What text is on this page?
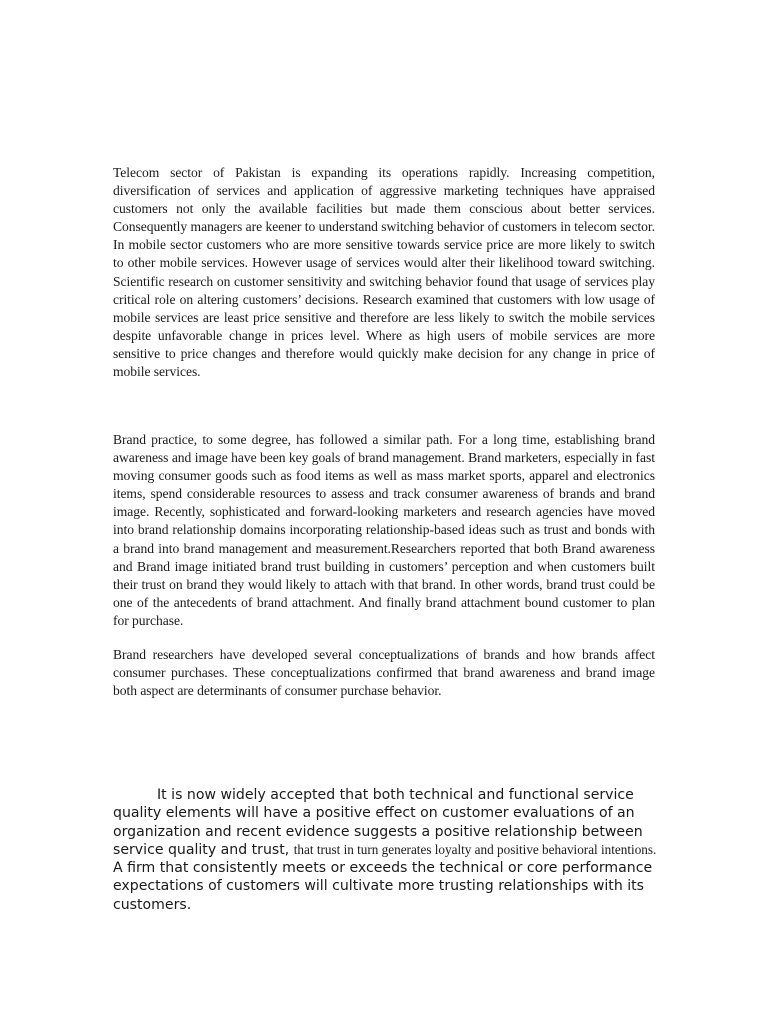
Telecom sector of Pakistan is expanding its operations rapidly. Increasing competition, diversification of services and application of aggressive marketing techniques have appraised customers not only the available facilities but made them conscious about better services. Consequently managers are keener to understand switching behavior of customers in telecom sector. In mobile sector customers who are more sensitive towards service price are more likely to switch to other mobile services. However usage of services would alter their likelihood toward switching. Scientific research on customer sensitivity and switching behavior found that usage of services play critical role on altering customers’ decisions. Research examined that customers with low usage of mobile services are least price sensitive and therefore are less likely to switch the mobile services despite unfavorable change in prices level. Where as high users of mobile services are more sensitive to price changes and therefore would quickly make decision for any change in price of mobile services.

Brand practice, to some degree, has followed a similar path. For a long time, establishing brand awareness and image have been key goals of brand management. Brand marketers, especially in fast moving consumer goods such as food items as well as mass market sports, apparel and electronics items, spend considerable resources to assess and track consumer awareness of brands and brand image. Recently, sophisticated and forward-looking marketers and research agencies have moved into brand relationship domains incorporating relationship-based ideas such as trust and bonds with a brand into brand management and measurement.Researchers reported that both Brand awareness and Brand image initiated brand trust building in customers’ perception and when customers built their trust on brand they would likely to attach with that brand. In other words, brand trust could be one of the antecedents of brand attachment. And finally brand attachment bound customer to plan for purchase.

Brand researchers have developed several conceptualizations of brands and how brands affect consumer purchases. These conceptualizations confirmed that brand awareness and brand image both aspect are determinants of consumer purchase behavior.

It is now widely accepted that both technical and functional service quality elements will have a positive effect on customer evaluations of an organization and recent evidence suggests a positive relationship between service quality and trust, that trust in turn generates loyalty and positive behavioral intentions. A firm that consistently meets or exceeds the technical or core performance expectations of customers will cultivate more trusting relationships with its customers.
